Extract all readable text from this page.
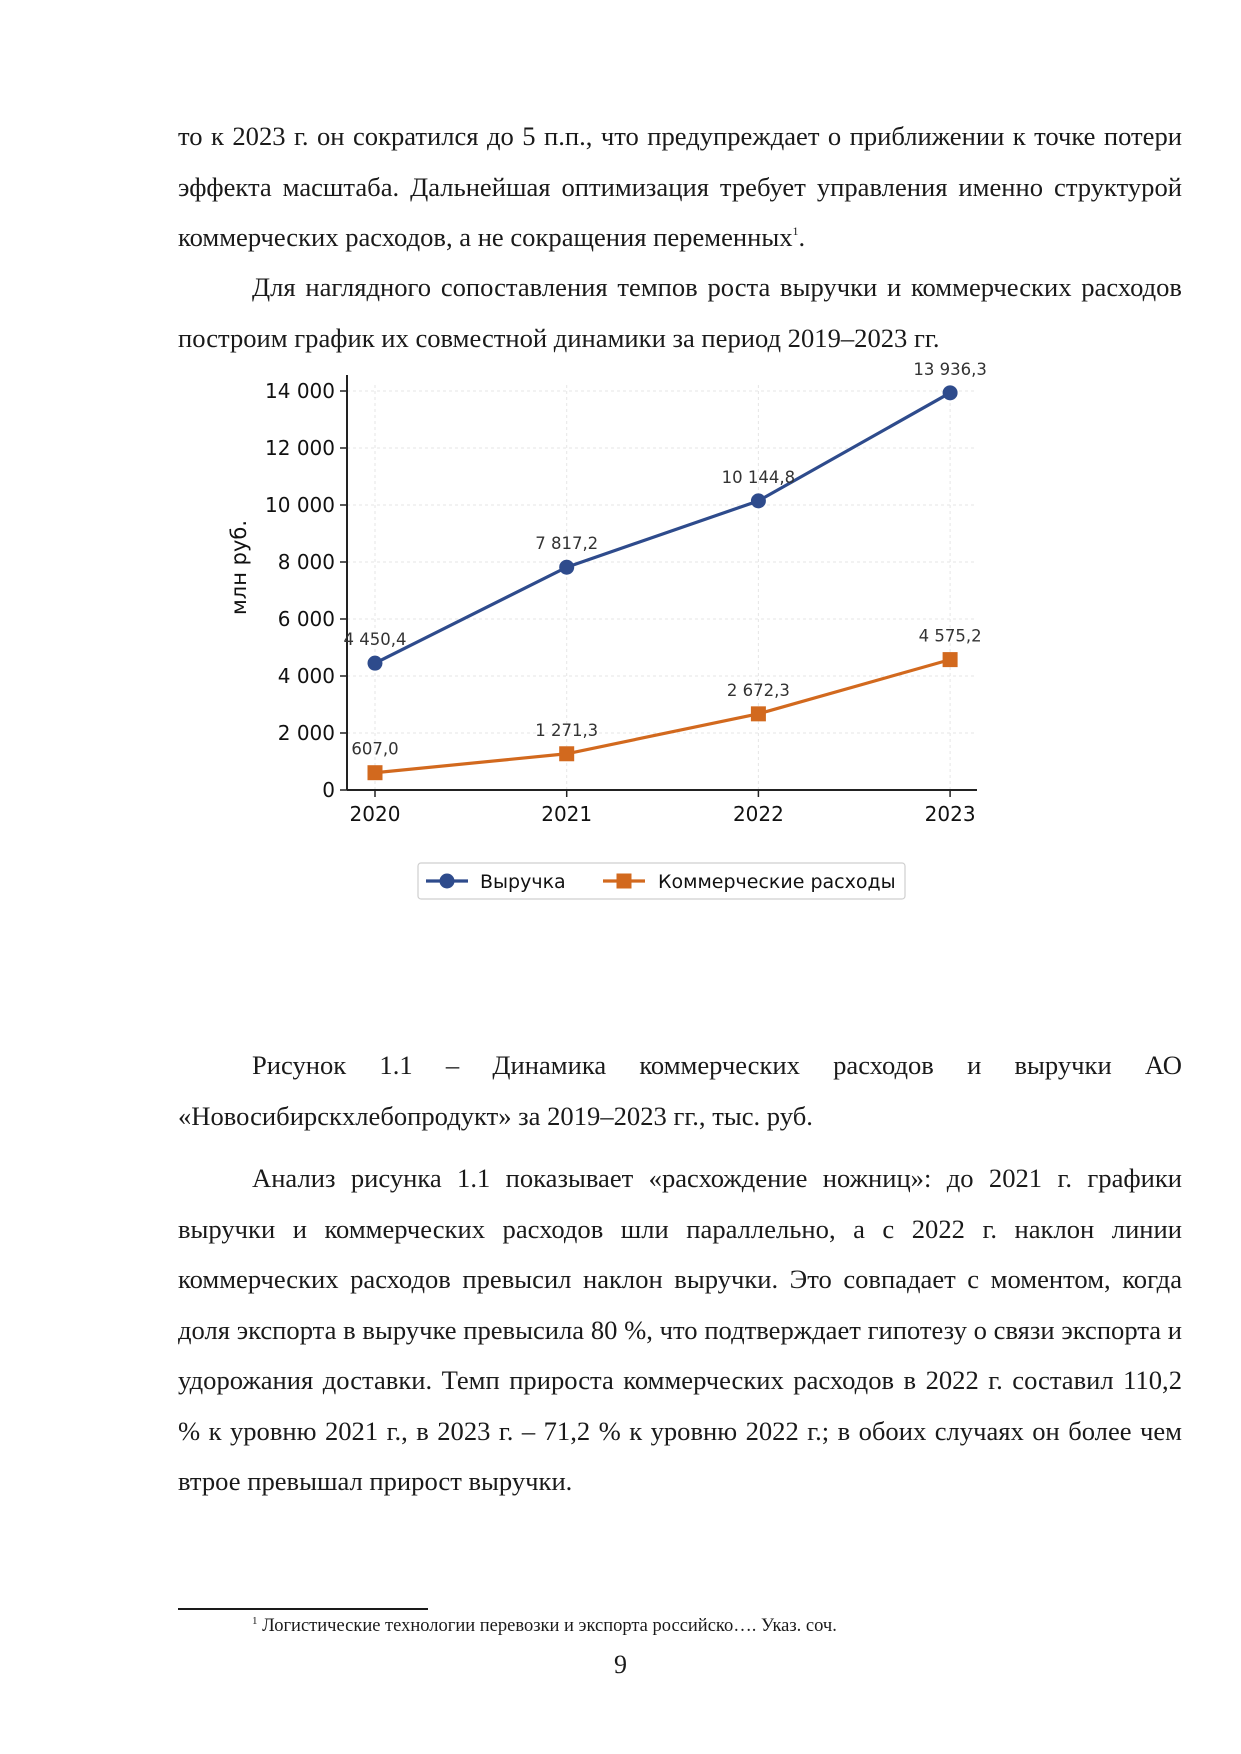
то к 2023 г. он сократился до 5 п.п., что предупреждает о приближении к точке потери эффекта масштаба. Дальнейшая оптимизация требует управления именно структурой коммерческих расходов, а не сокращения переменных$^1$.

Для наглядного сопоставления темпов роста выручки и коммерческих расходов построим график их совместной динамики за период 2019–2023 гг.

0
2 000
4 000
6 000
8 000
10 000
12 000
14 000
2020	2021	2022	2023
млн руб.
4 450,4
7 817,2
10 144,8
13 936,3
607,0
1 271,3
2 672,3
4 575,2
Выручка	Коммерческие расходы

Рисунок 1.1 – Динамика коммерческих расходов и выручки АО «Новосибирскхлебопродукт» за 2019–2023 гг., тыс. руб.

Анализ рисунка 1.1 показывает «расхождение ножниц»: до 2021 г. графики выручки и коммерческих расходов шли параллельно, а с 2022 г. наклон линии коммерческих расходов превысил наклон выручки. Это совпадает с моментом, когда доля экспорта в выручке превысила 80 %, что подтверждает гипотезу о связи экспорта и удорожания доставки. Темп прироста коммерческих расходов в 2022 г. составил 110,2 % к уровню 2021 г., в 2023 г. – 71,2 % к уровню 2022 г.; в обоих случаях он более чем втрое превышал прирост выручки.

$^1$ Логистические технологии перевозки и экспорта российско…. Указ. соч.
9
